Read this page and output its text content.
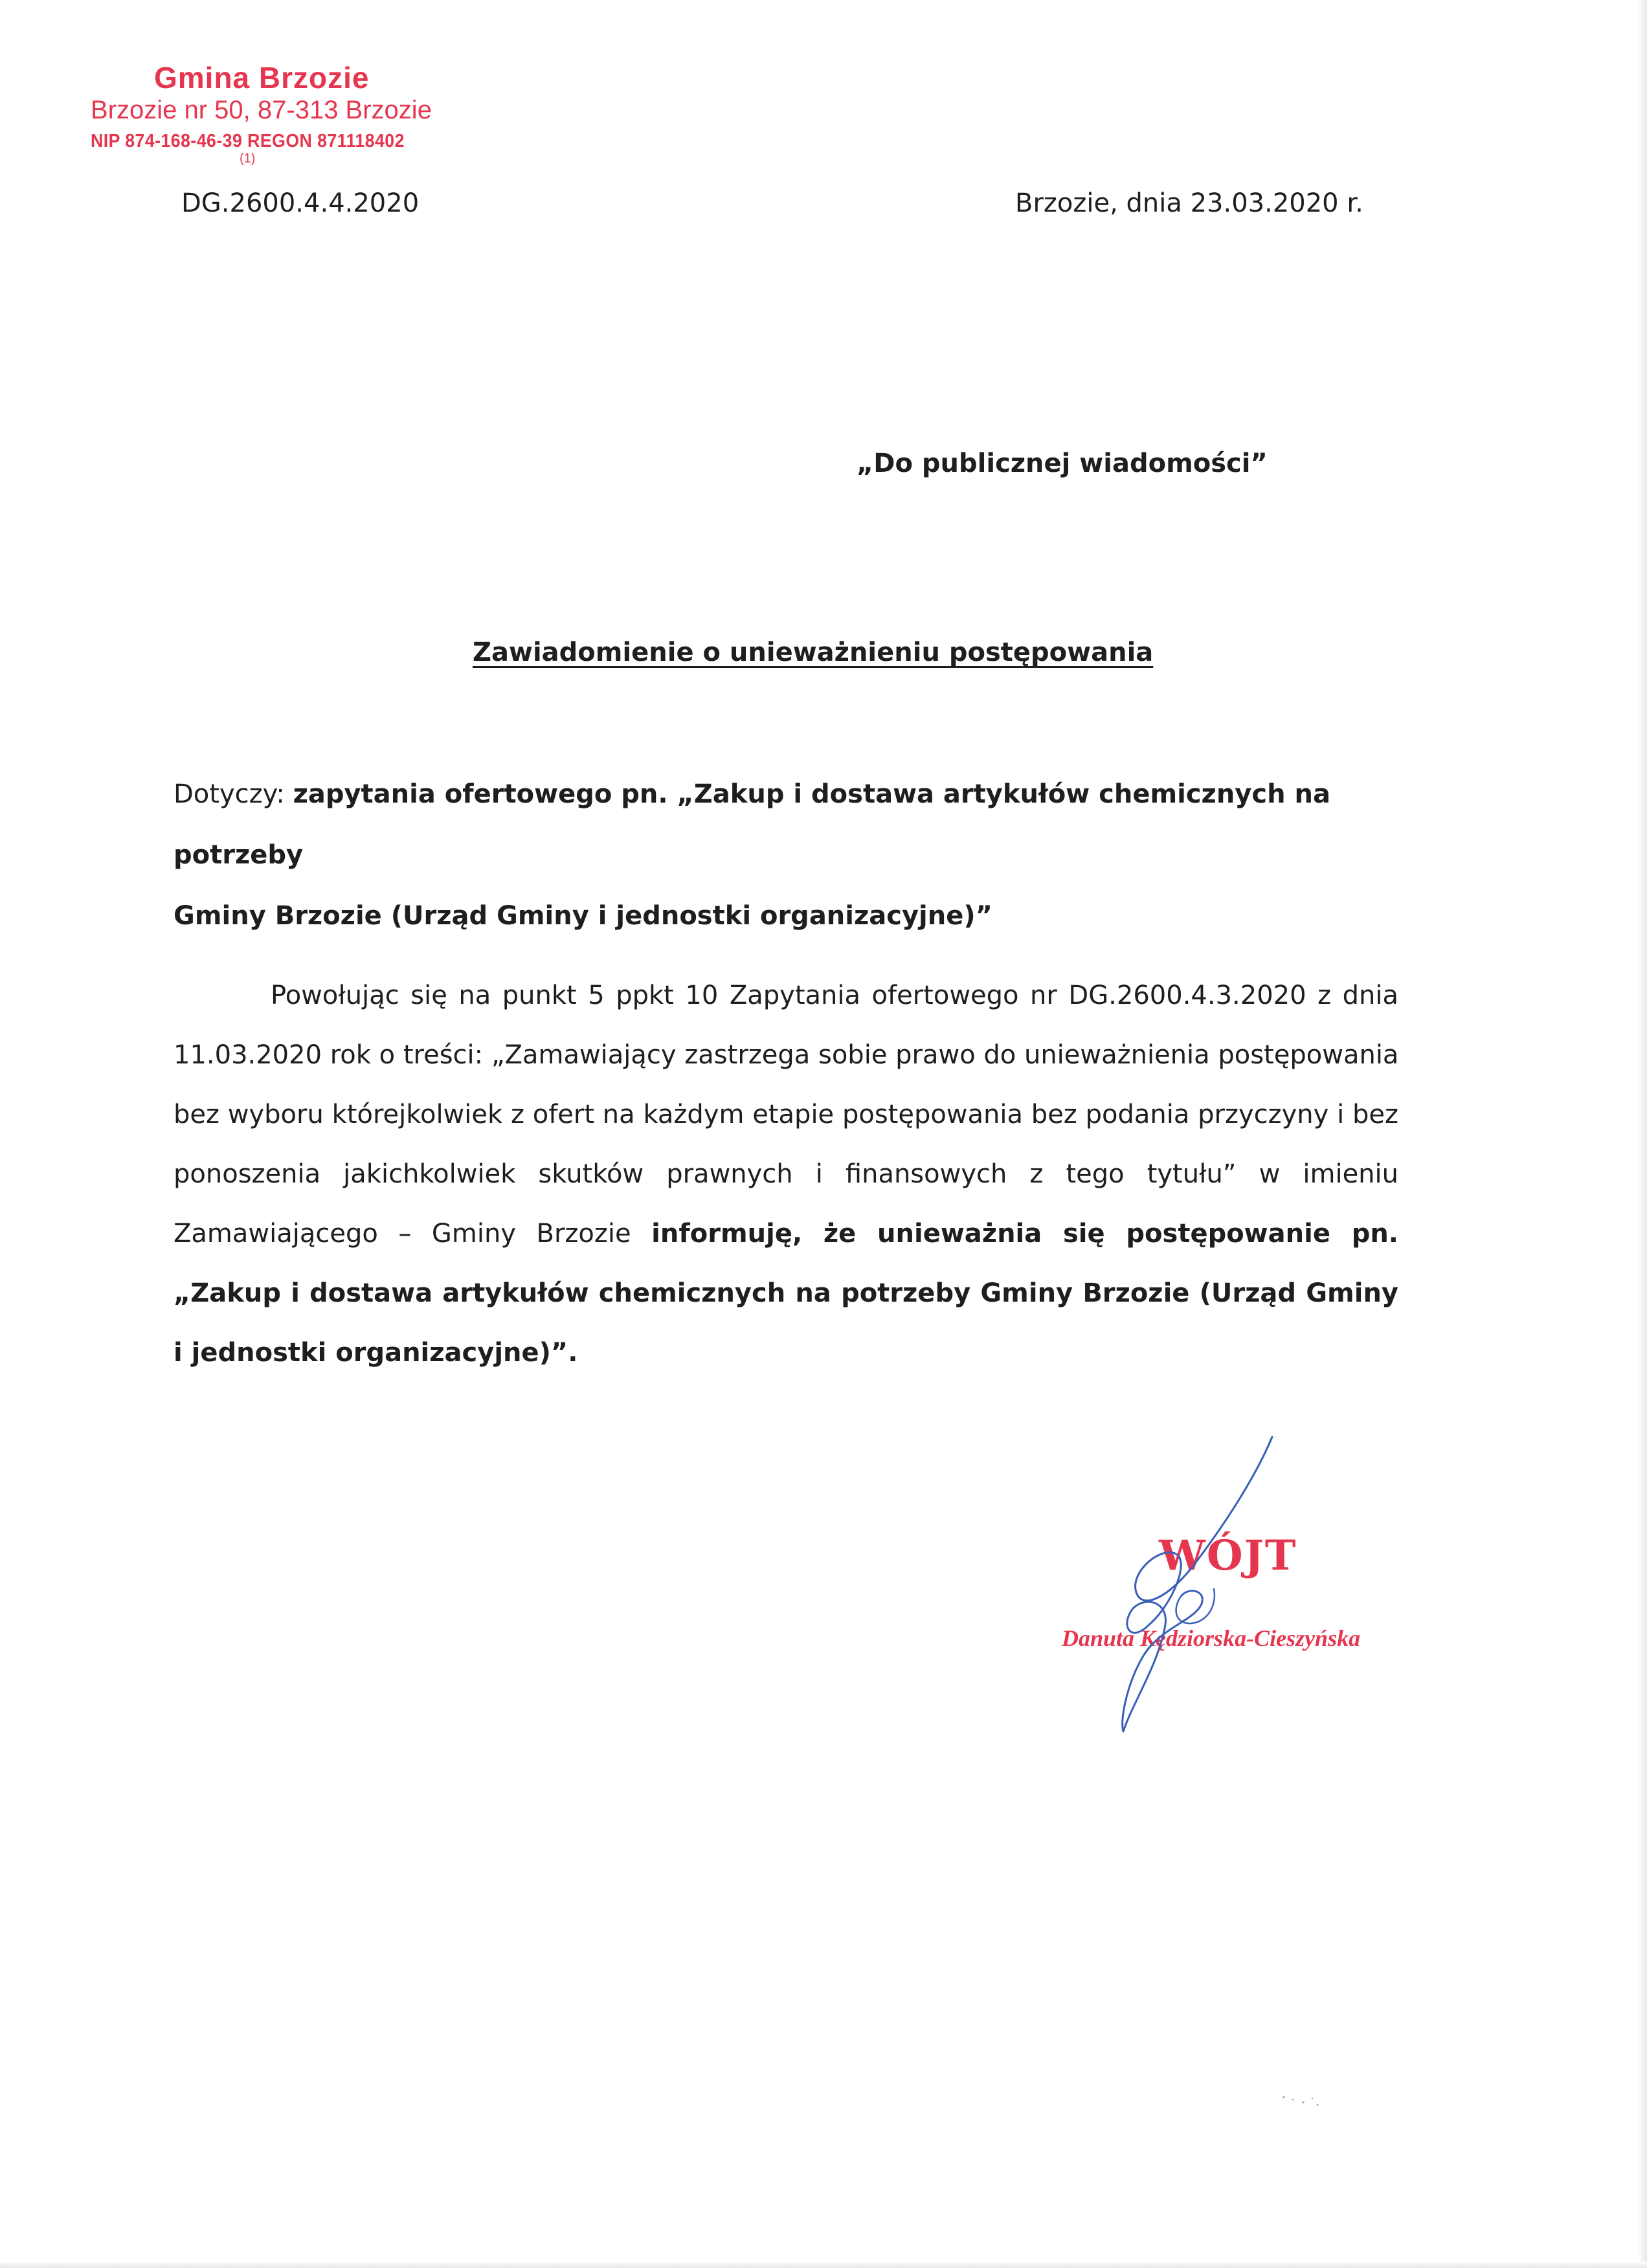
Gmina Brzozie
Brzozie nr 50, 87-313 Brzozie
NIP 874-168-46-39 REGON 871118402
(1)
DG.2600.4.4.2020	Brzozie, dnia 23.03.2020 r.
„Do publicznej wiadomości”
Zawiadomienie o unieważnieniu postępowania
Dotyczy: zapytania ofertowego pn. „Zakup i dostawa artykułów chemicznych na potrzeby
Gminy Brzozie (Urząd Gminy i jednostki organizacyjne)”
Powołując się na punkt 5 ppkt 10 Zapytania ofertowego nr DG.2600.4.3.2020 z dnia
11.03.2020 rok o treści: „Zamawiający zastrzega sobie prawo do unieważnienia postępowania
bez wyboru którejkolwiek z ofert na każdym etapie postępowania bez podania przyczyny i bez
ponoszenia jakichkolwiek skutków prawnych i finansowych z tego tytułu” w imieniu
Zamawiającego – Gminy Brzozie informuję, że unieważnia się postępowanie pn.
„Zakup i dostawa artykułów chemicznych na potrzeby Gminy Brzozie (Urząd Gminy
i jednostki organizacyjne)”.
WÓJT
Danuta Kędziorska-Cieszyńska
